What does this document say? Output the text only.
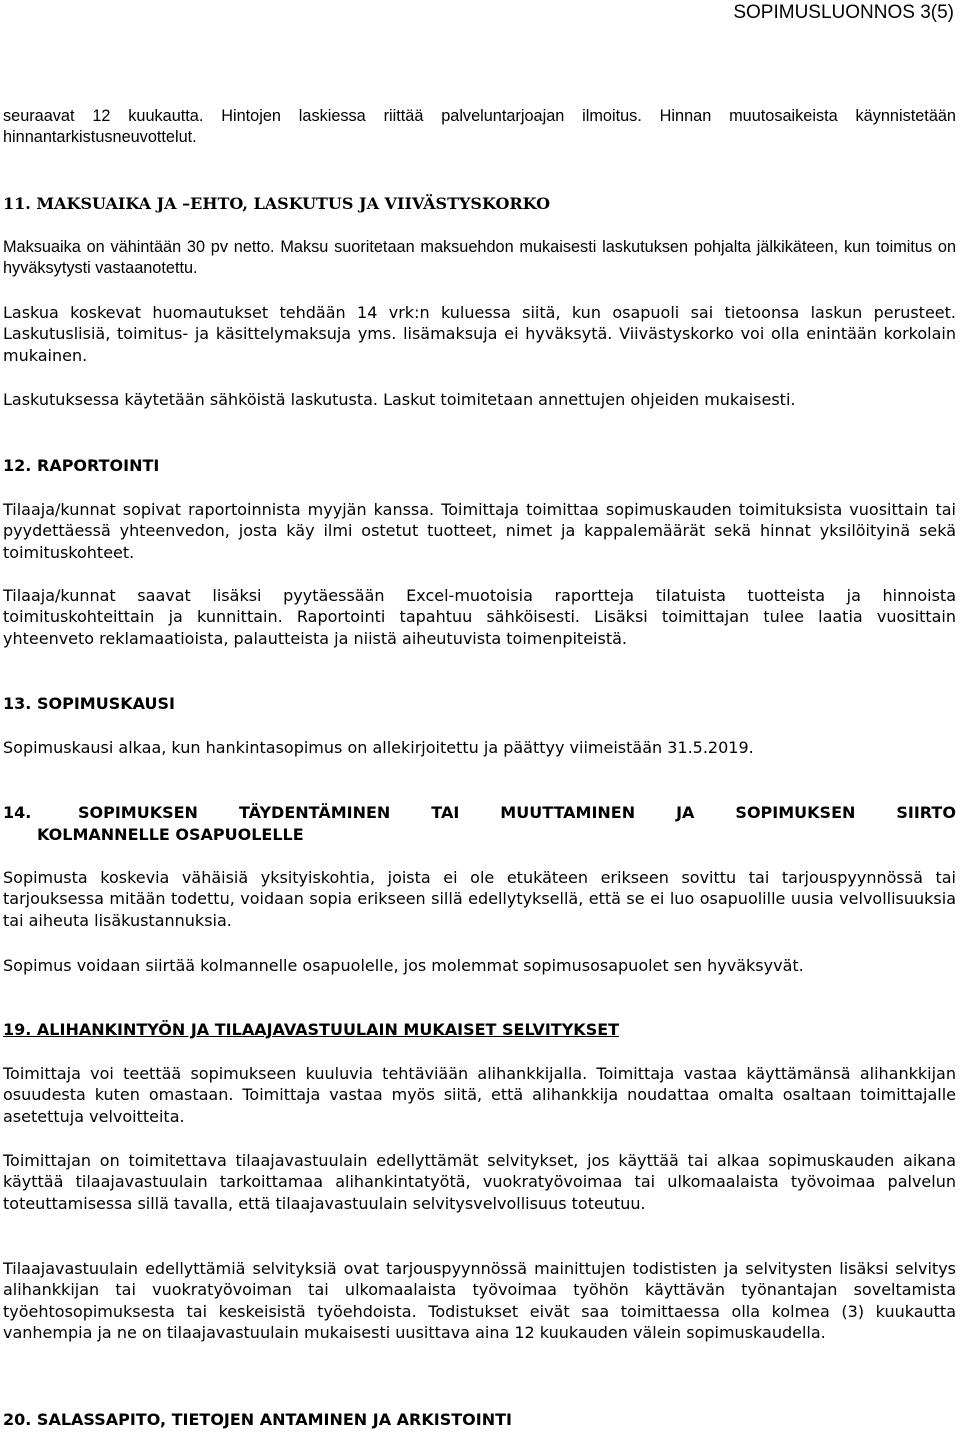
SOPIMUSLUONNOS 3(5)

seuraavat 12 kuukautta. Hintojen laskiessa riittää palveluntarjoajan ilmoitus. Hinnan muutosaikeista käynnistetään hinnantarkistusneuvottelut.

11. MAKSUAIKA JA –EHTO, LASKUTUS JA VIIVÄSTYSKORKO

Maksuaika on vähintään 30 pv netto. Maksu suoritetaan maksuehdon mukaisesti laskutuksen pohjalta jälkikäteen, kun toimitus on hyväksytysti vastaanotettu.

Laskua koskevat huomautukset tehdään 14 vrk:n kuluessa siitä, kun osapuoli sai tietoonsa laskun perusteet. Laskutuslisiä, toimitus- ja käsittelymaksuja yms. lisämaksuja ei hyväksytä. Viivästyskorko voi olla enintään korkolain mukainen.

Laskutuksessa käytetään sähköistä laskutusta. Laskut toimitetaan annettujen ohjeiden mukaisesti.

12. RAPORTOINTI

Tilaaja/kunnat sopivat raportoinnista myyjän kanssa. Toimittaja toimittaa sopimuskauden toimituksista vuosittain tai pyydettäessä yhteenvedon, josta käy ilmi ostetut tuotteet, nimet ja kappalemäärät sekä hinnat yksilöityinä sekä toimituskohteet.

Tilaaja/kunnat saavat lisäksi pyytäessään Excel-muotoisia raportteja tilatuista tuotteista ja hinnoista toimituskohteittain ja kunnittain. Raportointi tapahtuu sähköisesti. Lisäksi toimittajan tulee laatia vuosittain yhteenveto reklamaatioista, palautteista ja niistä aiheutuvista toimenpiteistä.

13. SOPIMUSKAUSI

Sopimuskausi alkaa, kun hankintasopimus on allekirjoitettu ja päättyy viimeistään 31.5.2019.

14.	SOPIMUKSEN	TÄYDENTÄMINEN	TAI	MUUTTAMINEN	JA	SOPIMUKSEN	SIIRTO
KOLMANNELLE OSAPUOLELLE

Sopimusta koskevia vähäisiä yksityiskohtia, joista ei ole etukäteen erikseen sovittu tai tarjouspyynnössä tai tarjouksessa mitään todettu, voidaan sopia erikseen sillä edellytyksellä, että se ei luo osapuolille uusia velvollisuuksia tai aiheuta lisäkustannuksia.

Sopimus voidaan siirtää kolmannelle osapuolelle, jos molemmat sopimusosapuolet sen hyväksyvät.

19. ALIHANKINTYÖN JA TILAAJAVASTUULAIN MUKAISET SELVITYKSET

Toimittaja voi teettää sopimukseen kuuluvia tehtäviään alihankkijalla. Toimittaja vastaa käyttämänsä alihankkijan osuudesta kuten omastaan. Toimittaja vastaa myös siitä, että alihankkija noudattaa omalta osaltaan toimittajalle asetettuja velvoitteita.

Toimittajan on toimitettava tilaajavastuulain edellyttämät selvitykset, jos käyttää tai alkaa sopimuskauden aikana käyttää tilaajavastuulain tarkoittamaa alihankintatyötä, vuokratyövoimaa tai ulkomaalaista työvoimaa palvelun toteuttamisessa sillä tavalla, että tilaajavastuulain selvitysvelvollisuus toteutuu.

Tilaajavastuulain edellyttämiä selvityksiä ovat tarjouspyynnössä mainittujen todististen ja selvitysten lisäksi selvitys alihankkijan tai vuokratyövoiman tai ulkomaalaista työvoimaa työhön käyttävän työnantajan soveltamista työehtosopimuksesta tai keskeisistä työehdoista. Todistukset eivät saa toimittaessa olla kolmea (3) kuukautta vanhempia ja ne on tilaajavastuulain mukaisesti uusittava aina 12 kuukauden välein sopimuskaudella.

20. SALASSAPITO, TIETOJEN ANTAMINEN JA ARKISTOINTI
